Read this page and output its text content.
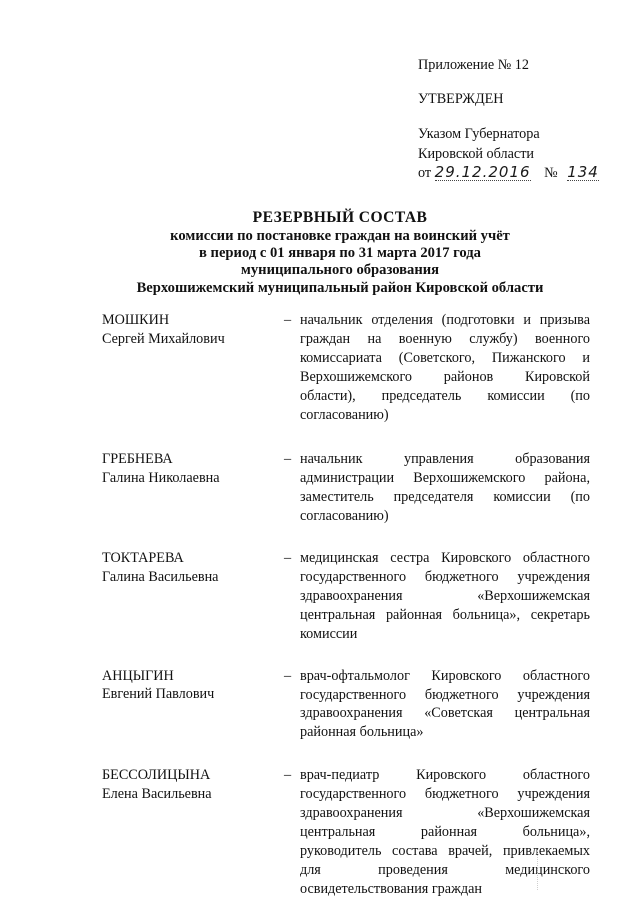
Приложение № 12
УТВЕРЖДЕН
Указом Губернатора
Кировской области
от 29.12.2016 № 134
РЕЗЕРВНЫЙ СОСТАВ
комиссии по постановке граждан на воинский учёт
в период с 01 января по 31 марта 2017 года
муниципального образования
Верхошижемский муниципальный район Кировской области
МОШКИН
Сергей Михайлович
– начальник отделения (подготовки и призыва граждан на военную службу) военного комиссариата (Советского, Пижанского и Верхошижемского районов Кировской области), председатель комиссии (по согласованию)
ГРЕБНЕВА
Галина Николаевна
– начальник управления образования администрации Верхошижемского района, заместитель председателя комиссии (по согласованию)
ТОКТАРЕВА
Галина Васильевна
– медицинская сестра Кировского областного государственного бюджетного учреждения здравоохранения «Верхошижемская центральная районная больница», секретарь комиссии
АНЦЫГИН
Евгений Павлович
– врач-офтальмолог Кировского областного государственного бюджетного учреждения здравоохранения «Советская центральная районная больница»
БЕССОЛИЦЫНА
Елена Васильевна
– врач-педиатр Кировского областного государственного бюджетного учреждения здравоохранения «Верхошижемская центральная районная больница», руководитель состава врачей, привлекаемых для проведения медицинского освидетельствования граждан
